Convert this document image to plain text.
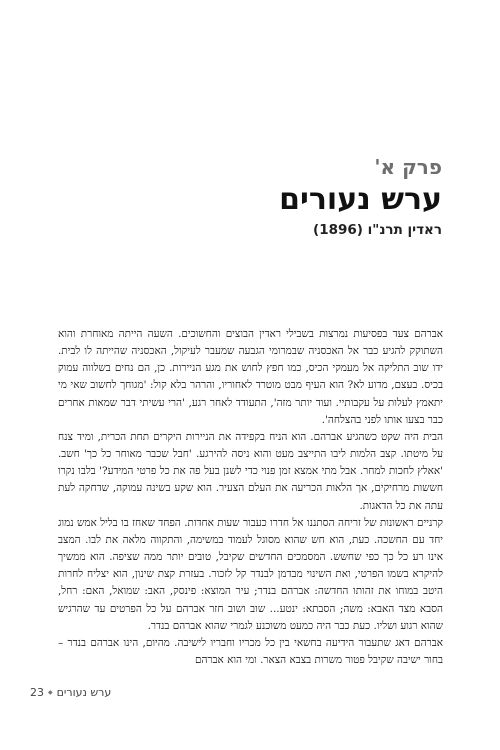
פרק א'
ערש נעורים
ראדין תרנ"ו (1896)

אברהם צעד בפסיעות נמרצות בשבילי ראדין הבוצים והחשוכים. השעה הייתה מאוחרת והוא השתוקק להגיע כבר אל האכסניה שבמרומי הגבעה שמעבר לעיקול, האכסניה שהייתה לו לבית. ידו שוב התליקה אל מעמקי הכיס, כמו חפץ לחוש את מגע הניירות. כן, הם נחים בשלווה עמוק בכיס. בעצם, מדוע לא? הוא העיף מבט מוטרד לאחוריו, והרהר בלא קול: 'מגוחך לחשוב שאי מי יתאמץ לעלות על עקבותיי. ועוד יותר מזה', התעודד לאחר רגע, 'הרי עשיתי דבר שמאות אחרים כבר בצעו אותו לפני בהצלחה'.

הבית היה שקט כשהגיע אברהם. הוא הניח בקפידה את הניירות היקרים תחת הכרית, ומיד צנח על מיטתו. קצב הלמות ליבו התייצב מעט והוא ניסה להירגע. 'חבל שכבר מאוחר כל כך' חשב. 'אאלץ לחכות למחר. אבל מתי אמצא זמן פנוי כדי לשנן בעל פה את כל פרטי המידע?' בלבו נקרו חששות מרחיקים, אך הלאות הכריעה את העלם הצעיר. הוא שקע בשינה עמוקה, שדחקה לעת עתה את כל הדאגות.

קרניים ראשונות של זריחה הסתננו אל חדרו כעבור שעות אחדות. הפחד שאחז בו בליל אמש נמוג יחד עם החשכה. כעת, הוא חש שהוא מסוגל לעמוד במשימה, והתקווה מלאה את לבו. המצב אינו רע כל כך כפי שחשש. המסמכים החדשים שקיבל, טובים יותר ממה שציפה. הוא ממשיך להיקרא בשמו הפרטי, ואת השינוי מבדמן לבנדר קל לזכור. בעזרת קצת שינון, הוא יצליח לחרות היטב במוחו את זהותו החדשה: אברהם בנדר; עיר המוצא: פינסק, האב: שמואל, האם: רחל, הסבא מצד האבא: משה; הסבתא: ינטע... שוב ושוב חזר אברהם על כל הפרטים עד שהרגיש שהוא רגוע ושליו. כעת כבר היה כמעט משוכנע לגמרי שהוא אברהם בנדר.

אברהם דאג שתעבור הידיעה בחשאי בין כל מכריו וחבריו לישיבה. מהיום, הינו אברהם בנדר – בחור ישיבה שקיבל פטור משרות בצבא הצאר. ומי הוא אברהם

23 ◆ ערש נעורים
